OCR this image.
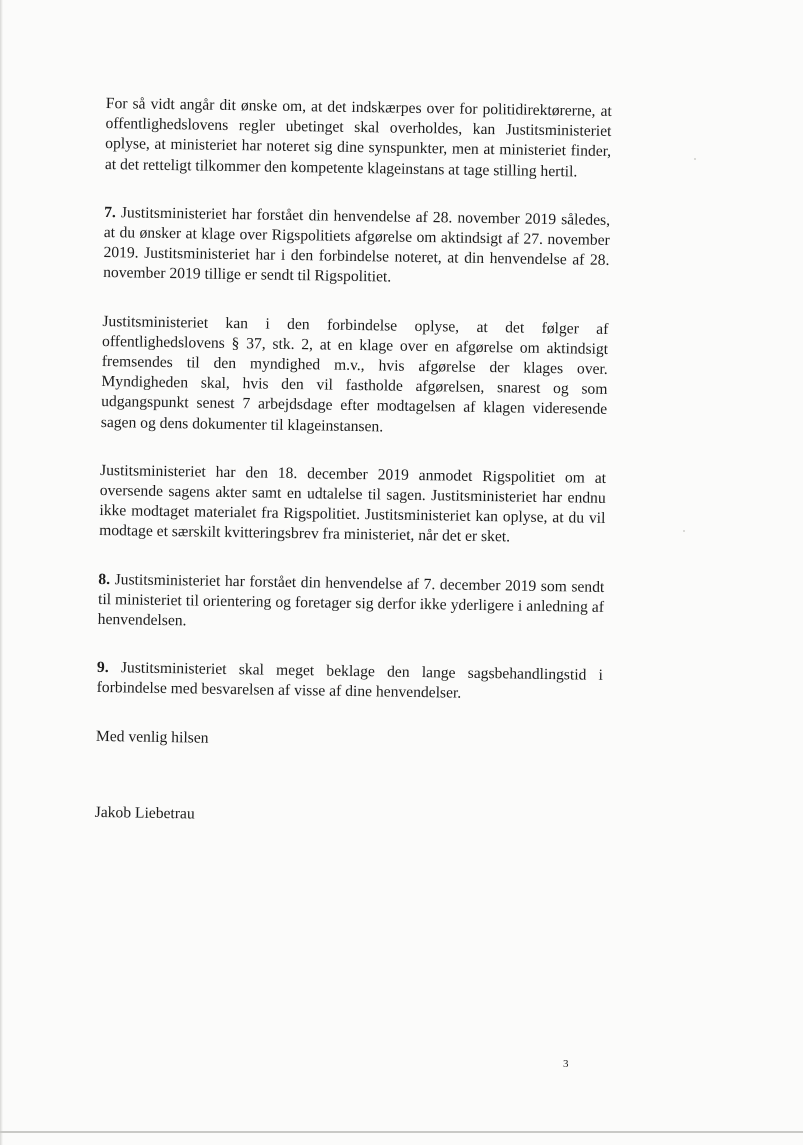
For så vidt angår dit ønske om, at det indskærpes over for politidirektørerne, at offentlighedslovens regler ubetinget skal overholdes, kan Justitsministeriet oplyse, at ministeriet har noteret sig dine synspunkter, men at ministeriet finder, at det retteligt tilkommer den kompetente klageinstans at tage stilling hertil.

7. Justitsministeriet har forstået din henvendelse af 28. november 2019 således, at du ønsker at klage over Rigspolitiets afgørelse om aktindsigt af 27. november 2019. Justitsministeriet har i den forbindelse noteret, at din henvendelse af 28. november 2019 tillige er sendt til Rigspolitiet.

Justitsministeriet kan i den forbindelse oplyse, at det følger af offentlighedslovens § 37, stk. 2, at en klage over en afgørelse om aktindsigt fremsendes til den myndighed m.v., hvis afgørelse der klages over. Myndigheden skal, hvis den vil fastholde afgørelsen, snarest og som udgangspunkt senest 7 arbejdsdage efter modtagelsen af klagen videresende sagen og dens dokumenter til klageinstansen.

Justitsministeriet har den 18. december 2019 anmodet Rigspolitiet om at oversende sagens akter samt en udtalelse til sagen. Justitsministeriet har endnu ikke modtaget materialet fra Rigspolitiet. Justitsministeriet kan oplyse, at du vil modtage et særskilt kvitteringsbrev fra ministeriet, når det er sket.

8. Justitsministeriet har forstået din henvendelse af 7. december 2019 som sendt til ministeriet til orientering og foretager sig derfor ikke yderligere i anledning af henvendelsen.

9. Justitsministeriet skal meget beklage den lange sagsbehandlingstid i forbindelse med besvarelsen af visse af dine henvendelser.

Med venlig hilsen

Jakob Liebetrau

3
